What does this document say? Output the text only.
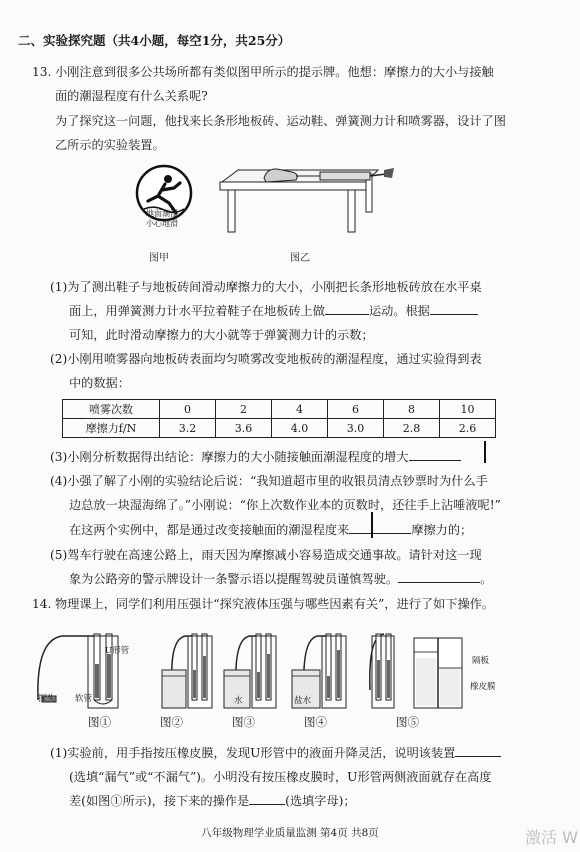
二、实验探究题（共4小题，每空1分，共25分）
13. 小刚注意到很多公共场所都有类似图甲所示的提示牌。他想：摩擦力的大小与接触
面的潮湿程度有什么关系呢?
为了探究这一问题，他找来长条形地板砖、运动鞋、弹簧测力计和喷雾器，设计了图
乙所示的实验装置。
地面潮湿
小心地滑
图甲	图乙
(1)为了测出鞋子与地板砖间滑动摩擦力的大小，小刚把长条形地板砖放在水平桌
面上，用弹簧测力计水平拉着鞋子在地板砖上做	运动。根据
可知，此时滑动摩擦力的大小就等于弹簧测力计的示数；
(2)小刚用喷雾器向地板砖表面均匀喷雾改变地板砖的潮湿程度，通过实验得到表
中的数据：
喷雾次数	0	2	4	6	8	10
摩擦力f/N	3.2	3.6	4.0	3.0	2.8	2.6
(3)小刚分析数据得出结论：摩擦力的大小随接触面潮湿程度的增大
(4)小强了解了小刚的实验结论后说：“我知道超市里的收银员清点钞票时为什么手
边总放一块湿海绵了。”小刚说：“你上次数作业本的页数时，还往手上沾唾液呢!”
在这两个实例中，都是通过改变接触面的潮湿程度来	摩擦力的；
(5)驾车行驶在高速公路上，雨天因为摩擦减小容易造成交通事故。请针对这一现
象为公路旁的警示牌设计一条警示语以提醒驾驶员谨慎驾驶。	。
14. 物理课上，同学们利用压强计“探究液体压强与哪些因素有关”，进行了如下操作。
U形管
探头 软管	水	盐水
隔板
橡皮膜
图①	图②	图③	图④	图⑤
(1)实验前，用手指按压橡皮膜，发现U形管中的液面升降灵活，说明该装置
(选填“漏气”或“不漏气”)。小明没有按压橡皮膜时，U形管两侧液面就存在高度
差(如图①所示)，接下来的操作是	(选填字母)；
八年级物理学业质量监测 第4页 共8页	激活 W
